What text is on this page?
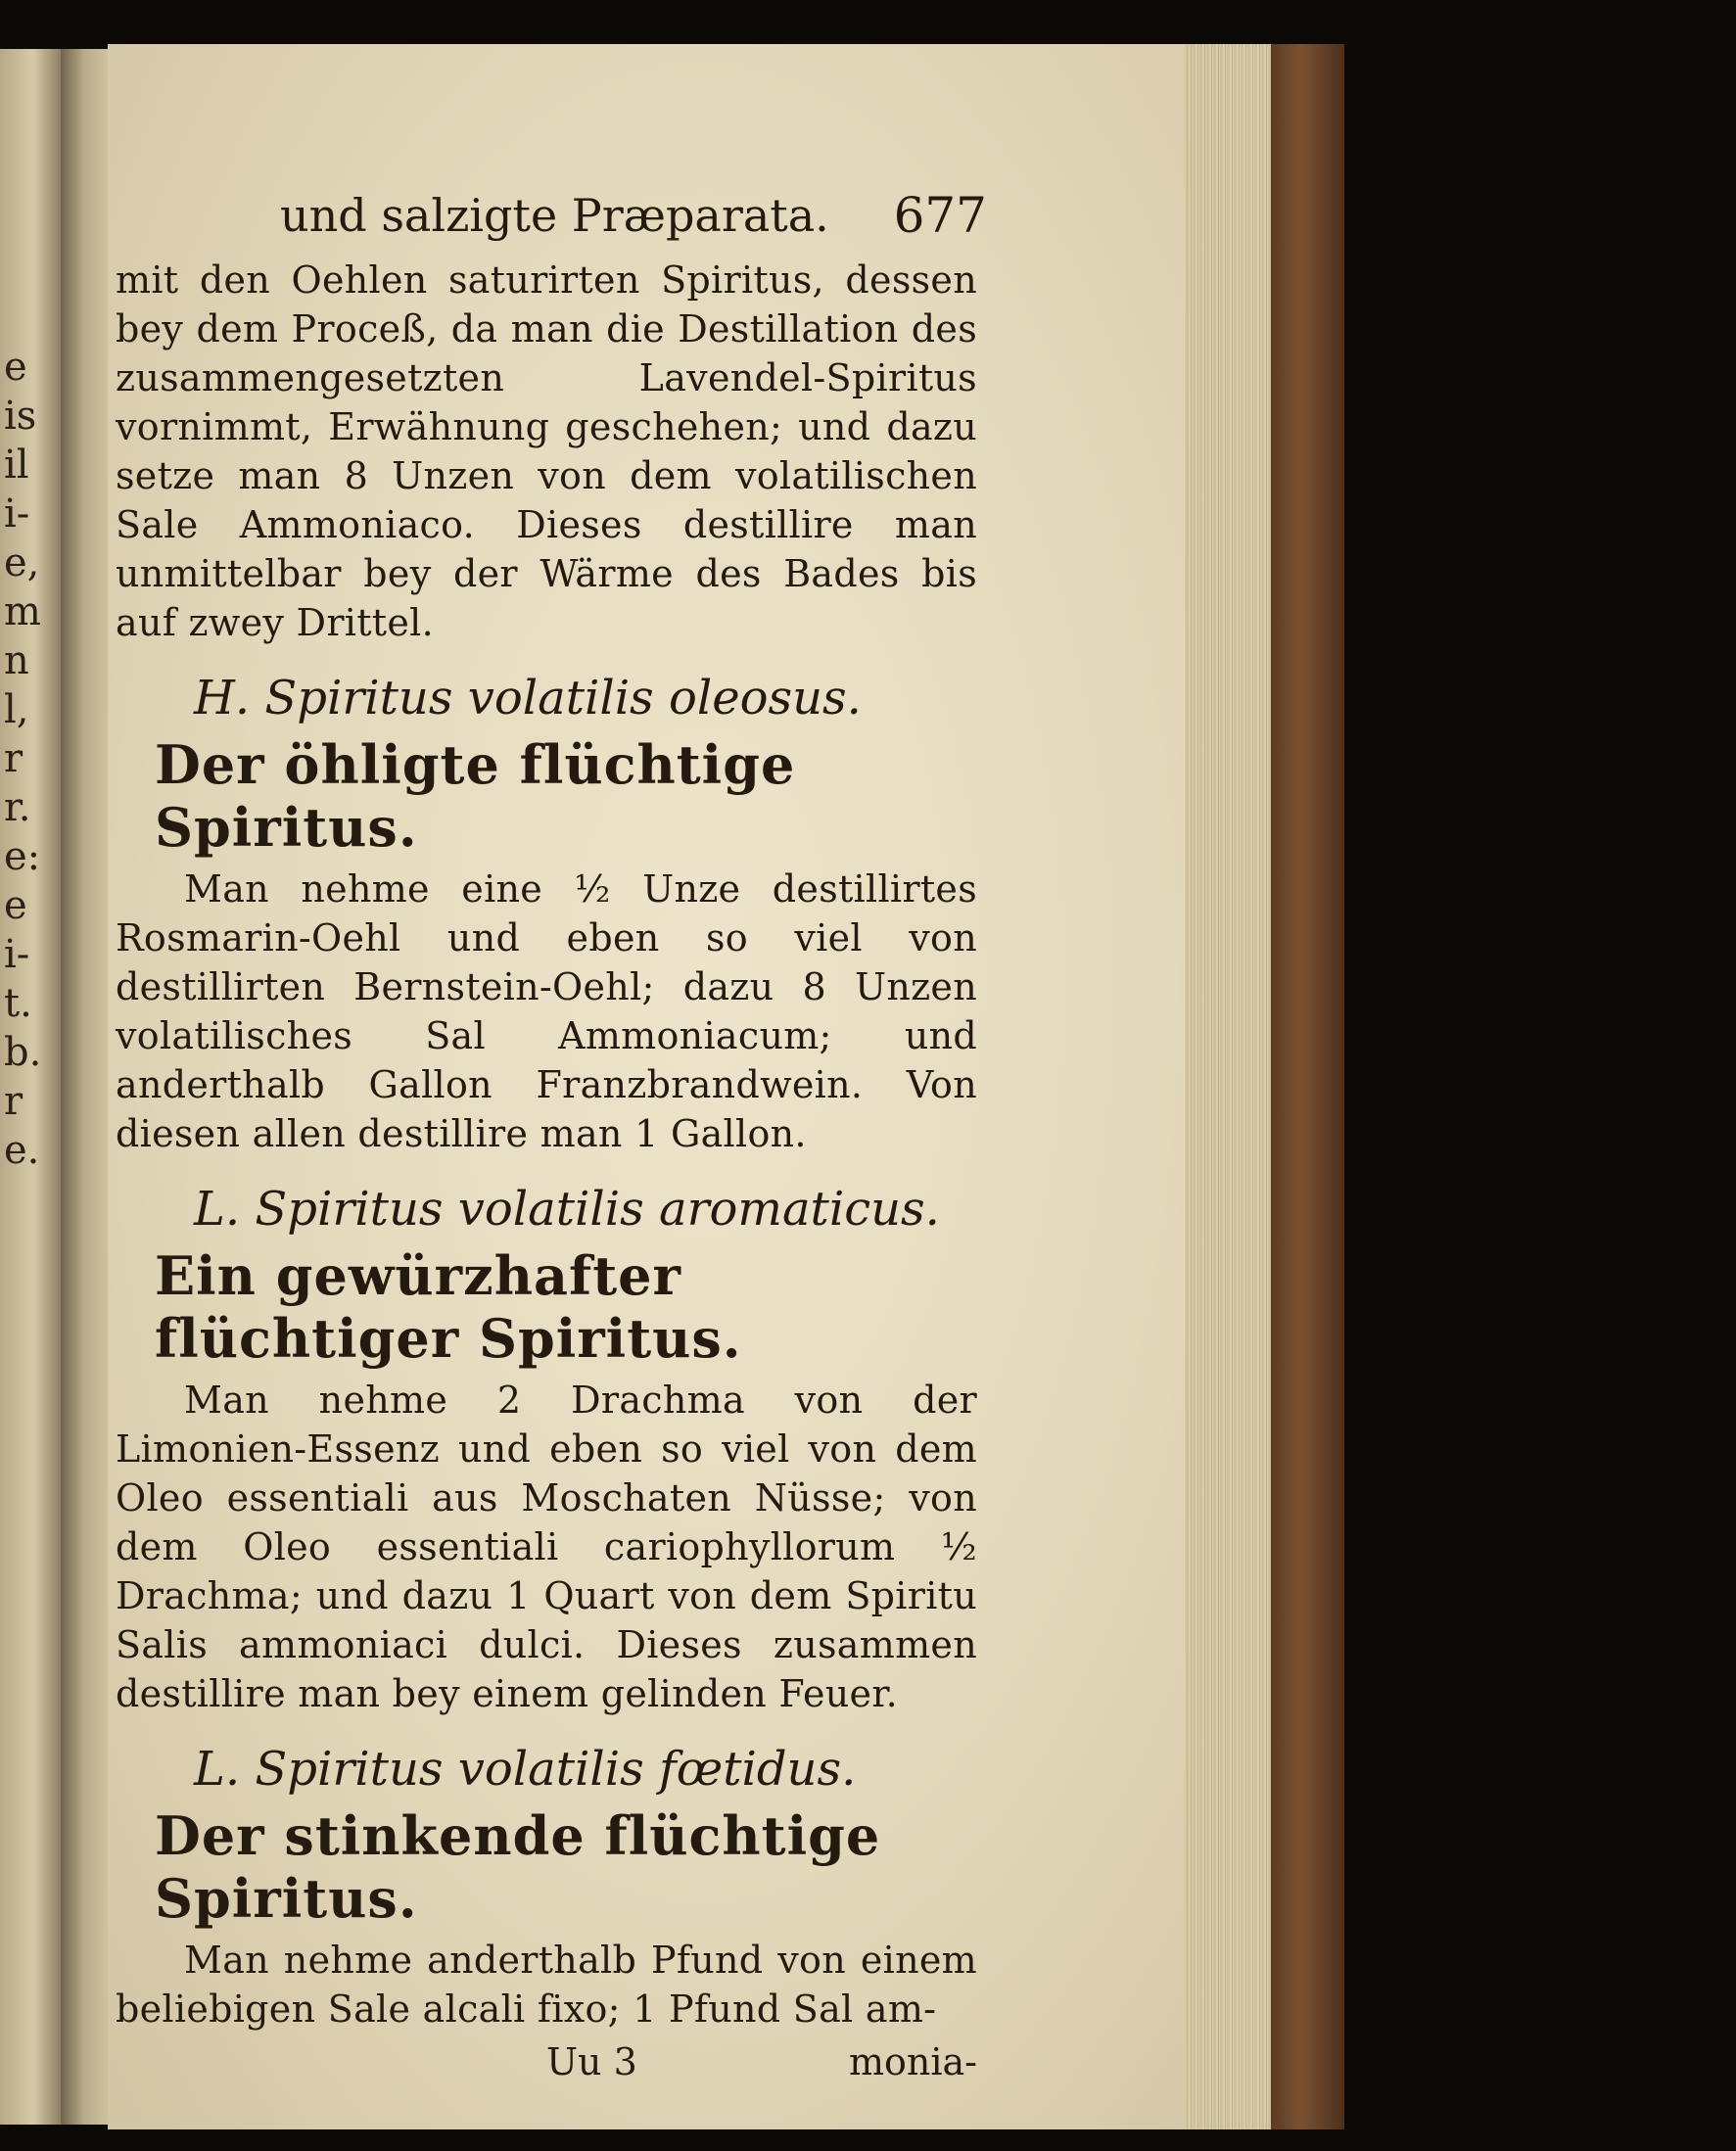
e
is
il
i-
e,
m
n
l,
r
r.
e:
e
i-
t.
b.
r
e.
und salzigte Præparata. 677

mit den Oehlen saturirten Spiritus, dessen bey dem Proceß, da man die Destillation des zusammengesetzten Lavendel-Spiritus vornimmt, Erwähnung geschehen; und dazu setze man 8 Unzen von dem volatilischen Sale Ammoniaco. Dieses destillire man unmittelbar bey der Wärme des Bades bis auf zwey Drittel.

H. Spiritus volatilis oleosus.
Der öhligte flüchtige Spiritus.

Man nehme eine ½ Unze destillirtes Rosmarin-Oehl und eben so viel von destillirten Bernstein-Oehl; dazu 8 Unzen volatilisches Sal Ammoniacum; und anderthalb Gallon Franzbrandwein. Von diesen allen destillire man 1 Gallon.

L. Spiritus volatilis aromaticus.
Ein gewürzhafter flüchtiger Spiritus.

Man nehme 2 Drachma von der Limonien-Essenz und eben so viel von dem Oleo essentiali aus Moschaten Nüsse; von dem Oleo essentiali cariophyllorum ½ Drachma; und dazu 1 Quart von dem Spiritu Salis ammoniaci dulci. Dieses zusammen destillire man bey einem gelinden Feuer.

L. Spiritus volatilis fœtidus.
Der stinkende flüchtige Spiritus.

Man nehme anderthalb Pfund von einem beliebigen Sale alcali fixo; 1 Pfund Sal am-

Uu 3	monia-
